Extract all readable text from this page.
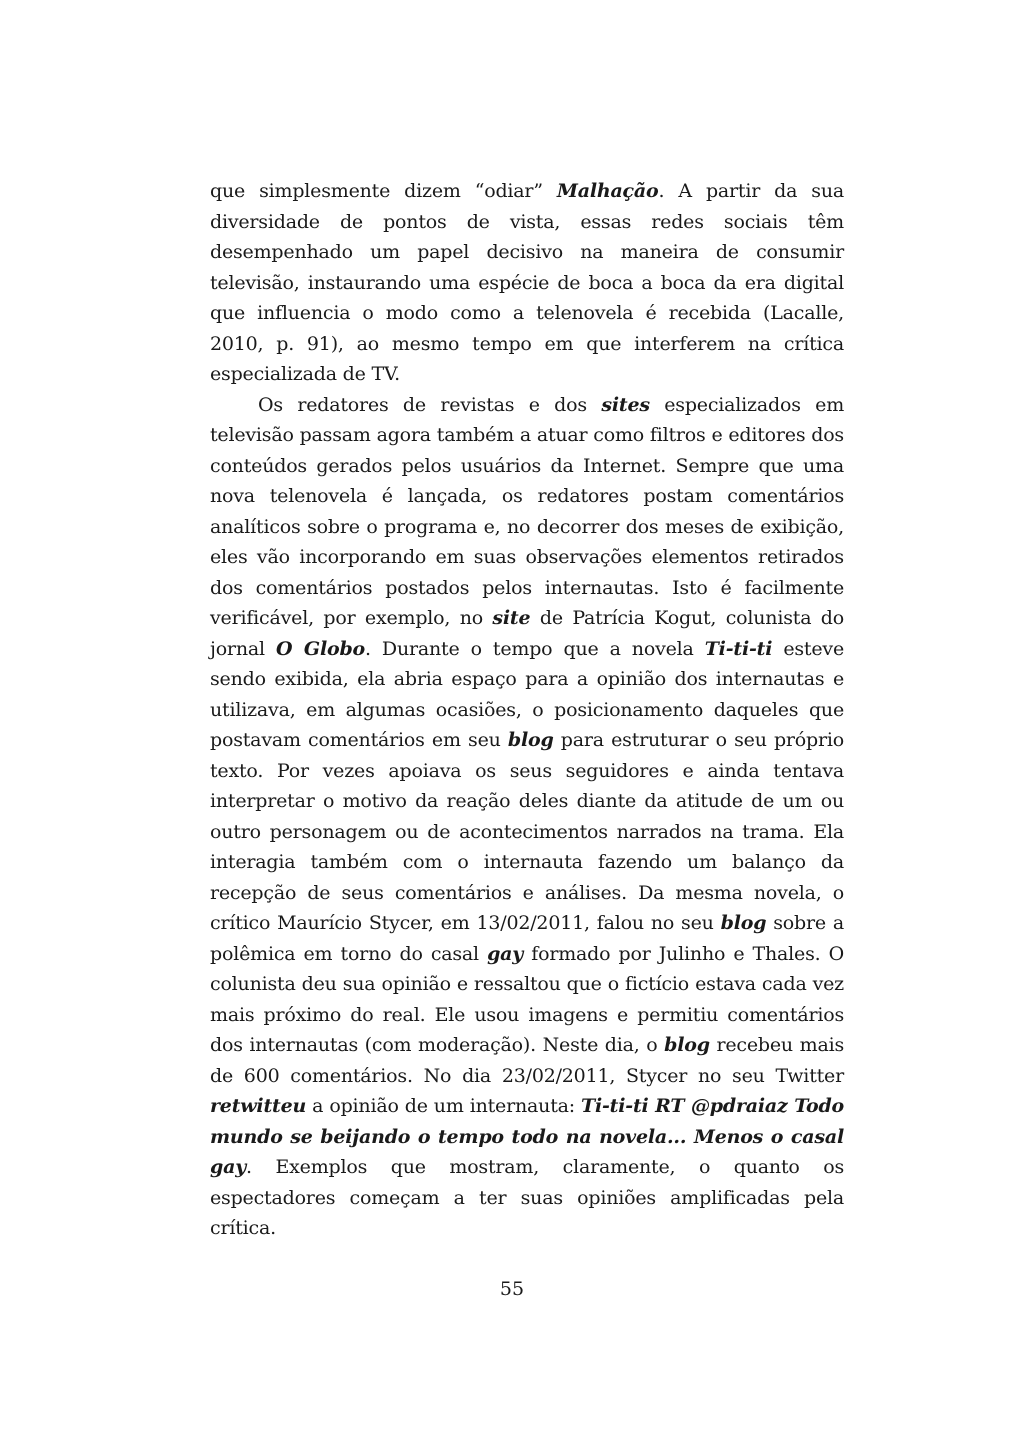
que simplesmente dizem “odiar” Malhação. A partir da sua diversidade de pontos de vista, essas redes sociais têm desempenhado um papel decisivo na maneira de consumir televisão, instaurando uma espécie de boca a boca da era digital que influencia o modo como a telenovela é recebida (Lacalle, 2010, p. 91), ao mesmo tempo em que interferem na crítica especializada de TV.

Os redatores de revistas e dos sites especializados em televisão passam agora também a atuar como filtros e editores dos conteúdos gerados pelos usuários da Internet. Sempre que uma nova telenovela é lançada, os redatores postam comentários analíticos sobre o programa e, no decorrer dos meses de exibição, eles vão incorporando em suas observações elementos retirados dos comentários postados pelos internautas. Isto é facilmente verificável, por exemplo, no site de Patrícia Kogut, colunista do jornal O Globo. Durante o tempo que a novela Ti-ti-ti esteve sendo exibida, ela abria espaço para a opinião dos internautas e utilizava, em algumas ocasiões, o posicionamento daqueles que postavam comentários em seu blog para estruturar o seu próprio texto. Por vezes apoiava os seus seguidores e ainda tentava interpretar o motivo da reação deles diante da atitude de um ou outro personagem ou de acontecimentos narrados na trama. Ela interagia também com o internauta fazendo um balanço da recepção de seus comentários e análises. Da mesma novela, o crítico Maurício Stycer, em 13/02/2011, falou no seu blog sobre a polêmica em torno do casal gay formado por Julinho e Thales. O colunista deu sua opinião e ressaltou que o fictício estava cada vez mais próximo do real. Ele usou imagens e permitiu comentários dos internautas (com moderação). Neste dia, o blog recebeu mais de 600 comentários. No dia 23/02/2011, Stycer no seu Twitter retwitteu a opinião de um internauta: Ti-ti-ti RT @pdraiaz Todo mundo se beijando o tempo todo na novela... Menos o casal gay. Exemplos que mostram, claramente, o quanto os espectadores começam a ter suas opiniões amplificadas pela crítica.

55
